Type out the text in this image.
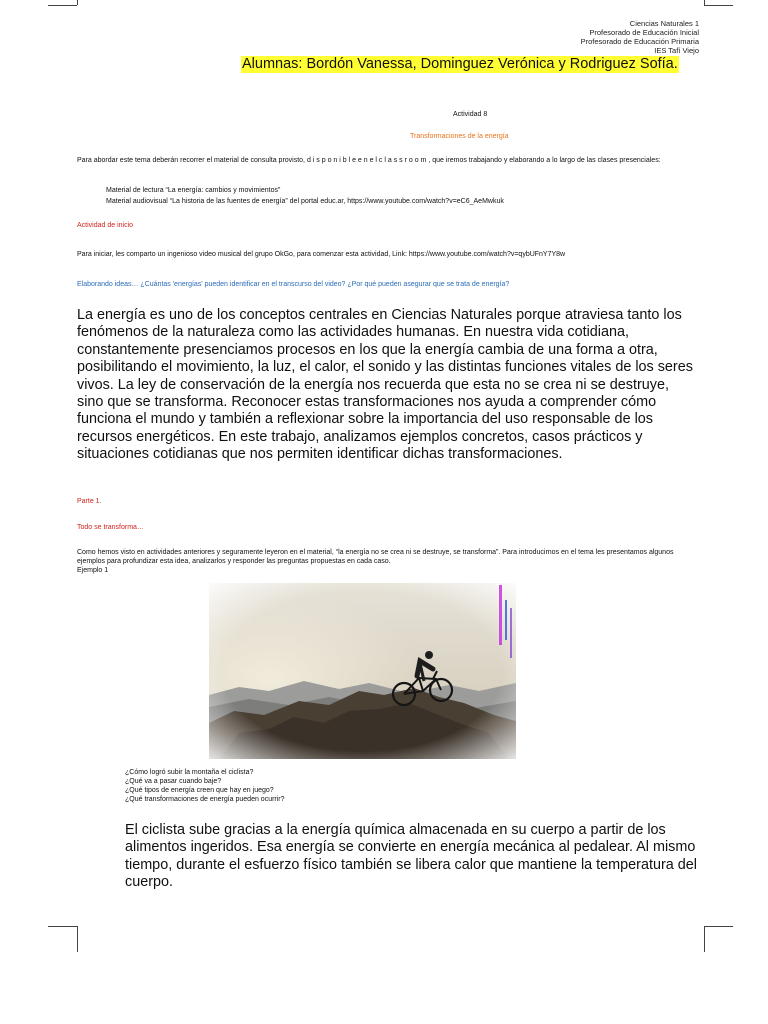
Ciencias Naturales 1
Profesorado de Educación Inicial
Profesorado de Educación Primaria
IES Tafí Viejo
Alumnas: Bordón Vanessa, Dominguez Verónica y Rodriguez Sofía.
Actividad 8
Transformaciones de la energía
Para abordar este tema deberán recorrer el material de consulta provisto, d i s p o n i b l e e n e l c l a s s r o o m , que iremos trabajando y elaborando a lo largo de las clases presenciales:
Material de lectura “La energía: cambios y movimientos”
Material audiovisual “La historia de las fuentes de energía” del portal educ.ar, https://www.youtube.com/watch?v=eC6_AeMwkuk
Actividad de inicio
Para iniciar, les comparto un ingenioso video musical del grupo OkGo, para comenzar esta actividad, Link: https://www.youtube.com/watch?v=qybUFnY7Y8w
Elaborando ideas… ¿Cuántas 'energías' pueden identificar en el transcurso del video? ¿Por qué pueden asegurar que se trata de energía?

La energía es uno de los conceptos centrales en Ciencias Naturales porque atraviesa tanto los fenómenos de la naturaleza como las actividades humanas. En nuestra vida cotidiana, constantemente presenciamos procesos en los que la energía cambia de una forma a otra, posibilitando el movimiento, la luz, el calor, el sonido y las distintas funciones vitales de los seres vivos. La ley de conservación de la energía nos recuerda que esta no se crea ni se destruye, sino que se transforma. Reconocer estas transformaciones nos ayuda a comprender cómo funciona el mundo y también a reflexionar sobre la importancia del uso responsable de los recursos energéticos. En este trabajo, analizamos ejemplos concretos, casos prácticos y situaciones cotidianas que nos permiten identificar dichas transformaciones.

Parte 1.
Todo se transforma…
Como hemos visto en actividades anteriores y seguramente leyeron en el material, “la energía no se crea ni se destruye, se transforma”. Para introducirnos en el tema les presentamos algunos ejemplos para profundizar esta idea, analizarlos y responder las preguntas propuestas en cada caso.
Ejemplo 1
¿Cómo logró subir la montaña el ciclista?
¿Qué va a pasar cuando baje?
¿Qué tipos de energía creen que hay en juego?
¿Qué transformaciones de energía pueden ocurrir?

El ciclista sube gracias a la energía química almacenada en su cuerpo a partir de los alimentos ingeridos. Esa energía se convierte en energía mecánica al pedalear. Al mismo tiempo, durante el esfuerzo físico también se libera calor que mantiene la temperatura del cuerpo.
